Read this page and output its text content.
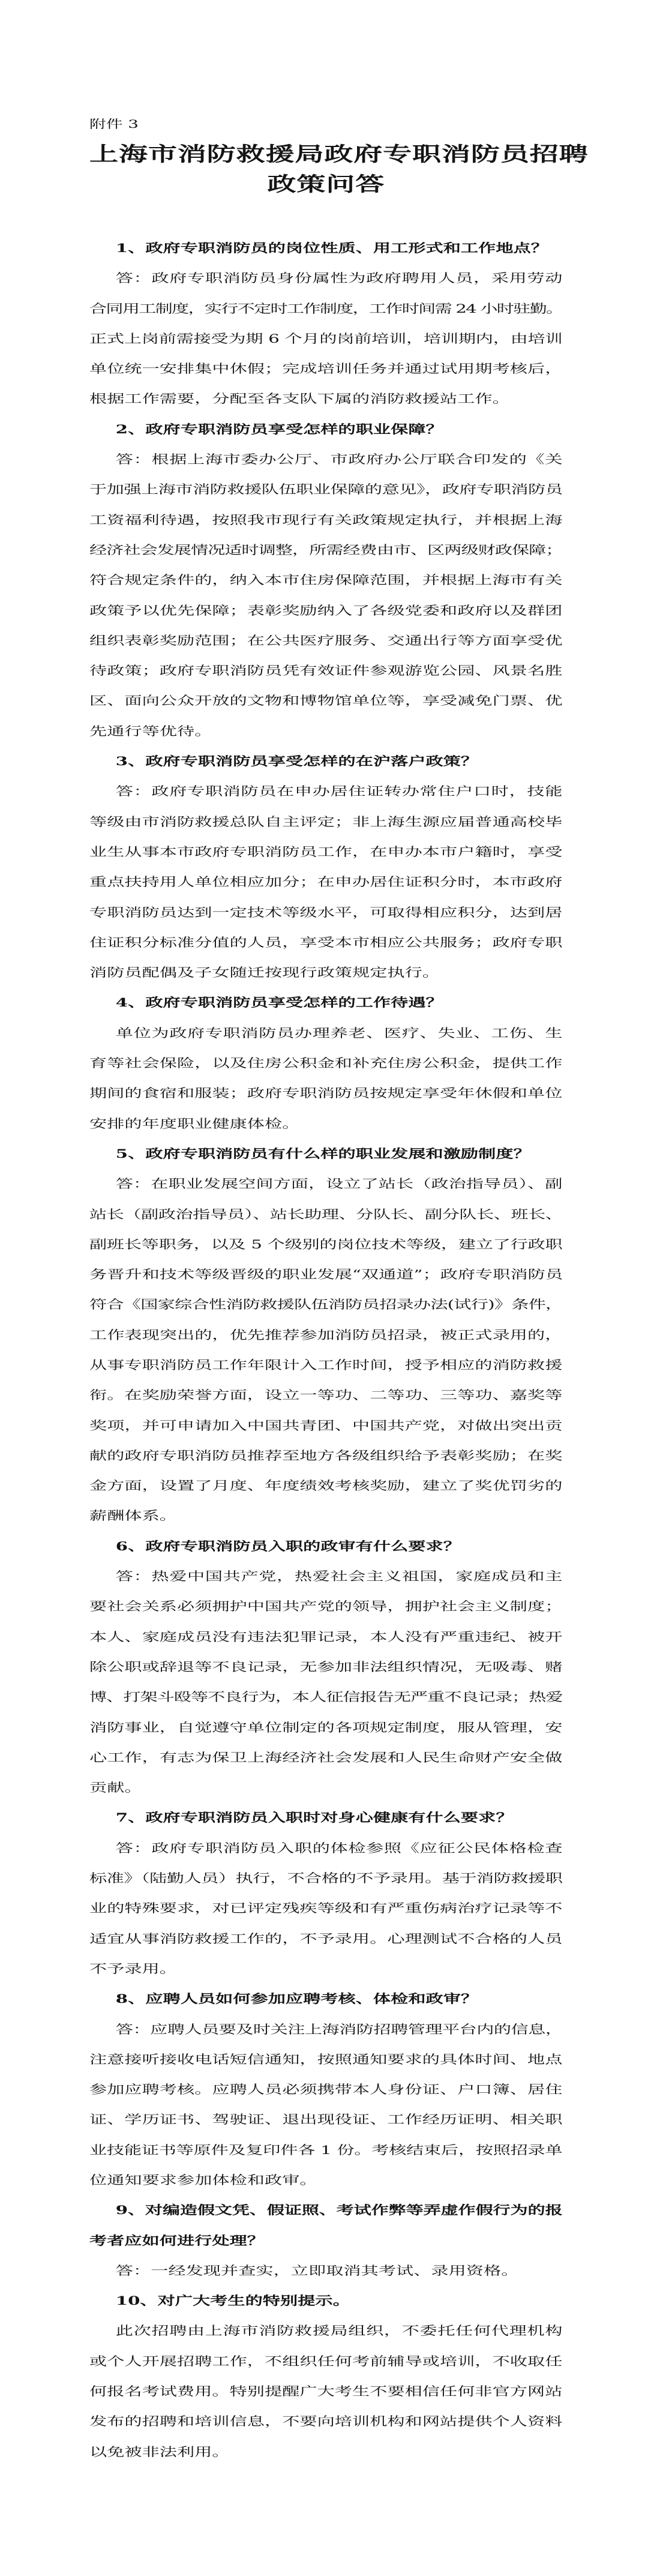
附件 3
上海市消防救援局政府专职消防员招聘
政策问答
1、政府专职消防员的岗位性质、用工形式和工作地点？
答：政府专职消防员身份属性为政府聘用人员，采用劳动
合同用工制度，实行不定时工作制度，工作时间需 24 小时驻勤。
正式上岗前需接受为期 6 个月的岗前培训，培训期内，由培训
单位统一安排集中休假；完成培训任务并通过试用期考核后，
根据工作需要，分配至各支队下属的消防救援站工作。
2、政府专职消防员享受怎样的职业保障？
答：根据上海市委办公厅、市政府办公厅联合印发的《关
于加强上海市消防救援队伍职业保障的意见》，政府专职消防员
工资福利待遇，按照我市现行有关政策规定执行，并根据上海
经济社会发展情况适时调整，所需经费由市、区两级财政保障；
符合规定条件的，纳入本市住房保障范围，并根据上海市有关
政策予以优先保障；表彰奖励纳入了各级党委和政府以及群团
组织表彰奖励范围；在公共医疗服务、交通出行等方面享受优
待政策；政府专职消防员凭有效证件参观游览公园、风景名胜
区、面向公众开放的文物和博物馆单位等，享受减免门票、优
先通行等优待。
3、政府专职消防员享受怎样的在沪落户政策？
答：政府专职消防员在申办居住证转办常住户口时，技能
等级由市消防救援总队自主评定；非上海生源应届普通高校毕
业生从事本市政府专职消防员工作，在申办本市户籍时，享受
重点扶持用人单位相应加分；在申办居住证积分时，本市政府
专职消防员达到一定技术等级水平，可取得相应积分，达到居
住证积分标准分值的人员，享受本市相应公共服务；政府专职
消防员配偶及子女随迁按现行政策规定执行。
4、政府专职消防员享受怎样的工作待遇？
单位为政府专职消防员办理养老、医疗、失业、工伤、生
育等社会保险，以及住房公积金和补充住房公积金，提供工作
期间的食宿和服装；政府专职消防员按规定享受年休假和单位
安排的年度职业健康体检。
5、政府专职消防员有什么样的职业发展和激励制度？
答：在职业发展空间方面，设立了站长（政治指导员）、副
站长（副政治指导员）、站长助理、分队长、副分队长、班长、
副班长等职务，以及 5 个级别的岗位技术等级，建立了行政职
务晋升和技术等级晋级的职业发展“双通道”；政府专职消防员
符合《国家综合性消防救援队伍消防员招录办法(试行)》条件，
工作表现突出的，优先推荐参加消防员招录，被正式录用的，
从事专职消防员工作年限计入工作时间，授予相应的消防救援
衔。在奖励荣誉方面，设立一等功、二等功、三等功、嘉奖等
奖项，并可申请加入中国共青团、中国共产党，对做出突出贡
献的政府专职消防员推荐至地方各级组织给予表彰奖励；在奖
金方面，设置了月度、年度绩效考核奖励，建立了奖优罚劣的
薪酬体系。
6、政府专职消防员入职的政审有什么要求？
答：热爱中国共产党，热爱社会主义祖国，家庭成员和主
要社会关系必须拥护中国共产党的领导，拥护社会主义制度；
本人、家庭成员没有违法犯罪记录，本人没有严重违纪、被开
除公职或辞退等不良记录，无参加非法组织情况，无吸毒、赌
博、打架斗殴等不良行为，本人征信报告无严重不良记录；热爱
消防事业，自觉遵守单位制定的各项规定制度，服从管理，安
心工作，有志为保卫上海经济社会发展和人民生命财产安全做
贡献。
7、政府专职消防员入职时对身心健康有什么要求？
答：政府专职消防员入职的体检参照《应征公民体格检查
标准》（陆勤人员）执行，不合格的不予录用。基于消防救援职
业的特殊要求，对已评定残疾等级和有严重伤病治疗记录等不
适宜从事消防救援工作的，不予录用。心理测试不合格的人员
不予录用。
8、应聘人员如何参加应聘考核、体检和政审？
答：应聘人员要及时关注上海消防招聘管理平台内的信息，
注意接听接收电话短信通知，按照通知要求的具体时间、地点
参加应聘考核。应聘人员必须携带本人身份证、户口簿、居住
证、学历证书、驾驶证、退出现役证、工作经历证明、相关职
业技能证书等原件及复印件各 1 份。考核结束后，按照招录单
位通知要求参加体检和政审。
9、对编造假文凭、假证照、考试作弊等弄虚作假行为的报
考者应如何进行处理？
答：一经发现并查实，立即取消其考试、录用资格。
10、对广大考生的特别提示。
此次招聘由上海市消防救援局组织，不委托任何代理机构
或个人开展招聘工作，不组织任何考前辅导或培训，不收取任
何报名考试费用。特别提醒广大考生不要相信任何非官方网站
发布的招聘和培训信息，不要向培训机构和网站提供个人资料
以免被非法利用。
